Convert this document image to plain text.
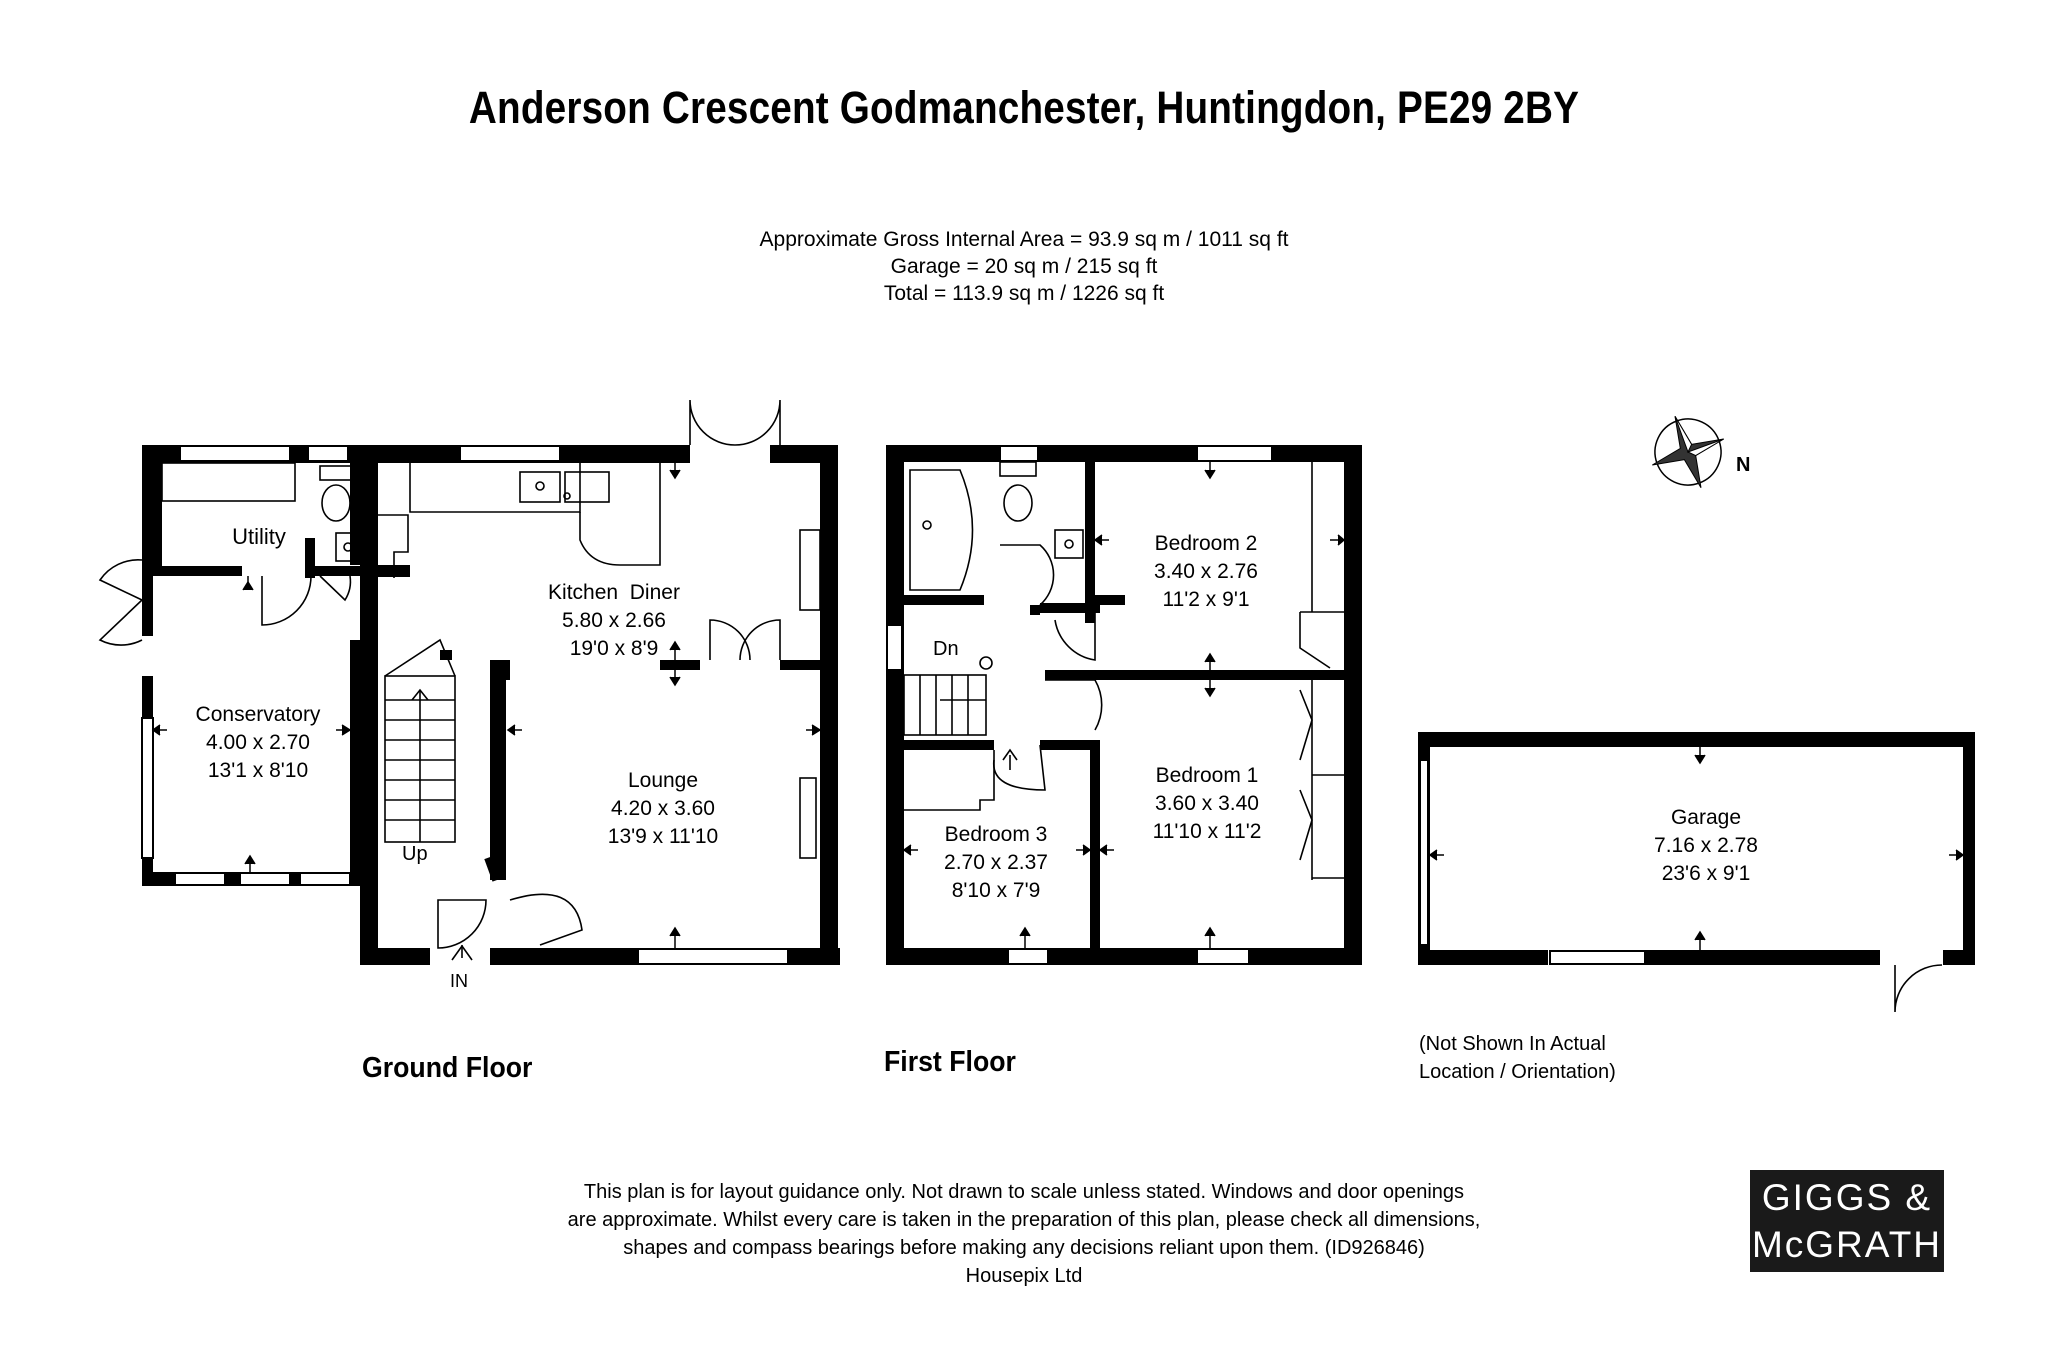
Anderson Crescent Godmanchester, Huntingdon, PE29 2BY
Approximate Gross Internal Area = 93.9 sq m / 1011 sq ft
Garage = 20 sq m / 215 sq ft
Total = 113.9 sq m / 1226 sq ft
N
Utility
Kitchen  Diner
5.80 x 2.66
19'0 x 8'9
Conservatory
4.00 x 2.70
13'1 x 8'10	Lounge
4.20 x 3.60
13'9 x 11'10
Bedroom 2
3.40 x 2.76
11'2 x 9'1
Bedroom 1
3.60 x 3.40
11'10 x 11'2
Bedroom 3
2.70 x 2.37
8'10 x 7'9
Garage
7.16 x 2.78
23'6 x 9'1
Up
Dn
IN
Ground Floor	First Floor
(Not Shown In Actual
Location / Orientation)
This plan is for layout guidance only. Not drawn to scale unless stated. Windows and door openings
are approximate. Whilst every care is taken in the preparation of this plan, please check all dimensions,
shapes and compass bearings before making any decisions reliant upon them. (ID926846)
Housepix Ltd
GIGGS &
McGRATH
